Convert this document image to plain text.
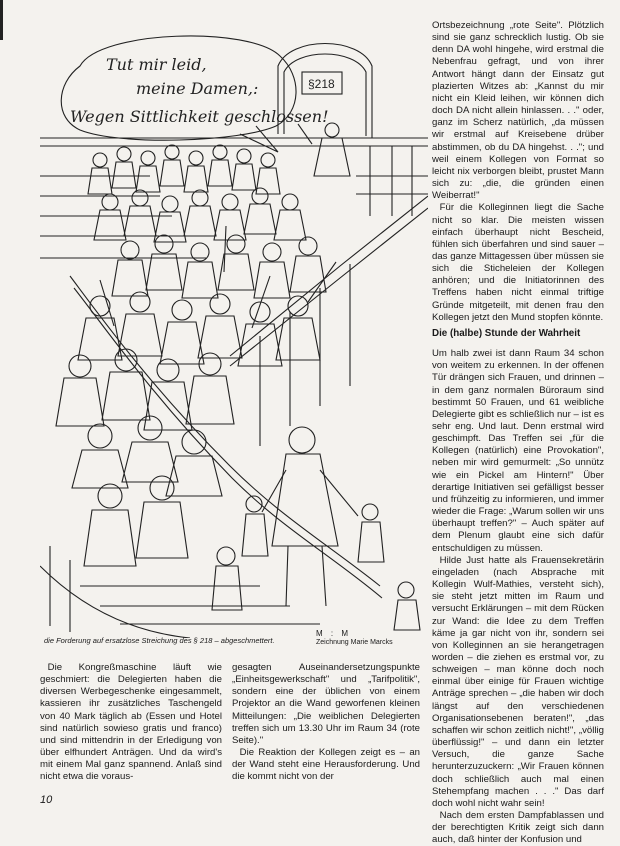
Tut mir leid,
meine Damen,:
Wegen Sittlichkeit geschlossen!
§218
die Forderung auf ersatzlose Streichung des § 218 – abgeschmettert.
M : M
Zeichnung Marie Marcks

Ortsbezeichnung „rote Seite". Plötzlich sind sie ganz schrecklich lustig. Ob sie denn DA wohl hingehe, wird erstmal die Nebenfrau gefragt, und von ihrer Antwort hängt dann der Einsatz gut plazierten Witzes ab: „Kannst du mir nicht ein Kleid leihen, wir können dich doch DA nicht allein hinlassen. . ." oder, ganz im Scherz natürlich, „da müssen wir erstmal auf Kreisebene drüber abstimmen, ob du DA hingehst. . ."; und weil einem Kollegen von Format so leicht nix verborgen bleibt, prustet Mann sich zu: „die, die gründen einen Weiberrat!"

Für die Kolleginnen liegt die Sache nicht so klar. Die meisten wissen einfach überhaupt nicht Bescheid, fühlen sich überfahren und sind sauer – das ganze Mittagessen über müssen sie sich die Sticheleien der Kollegen anhören; und die Initiatorinnen des Treffens haben nicht einmal triftige Gründe mitgeteilt, mit denen frau den Kollegen jetzt den Mund stopfen könnte.

Die (halbe) Stunde der Wahrheit

Um halb zwei ist dann Raum 34 schon von weitem zu erkennen. In der offenen Tür drängen sich Frauen, und drinnen – in dem ganz normalen Büroraum sind bestimmt 50 Frauen, und 61 weibliche Delegierte gibt es schließlich nur – ist es sehr eng. Und laut. Denn erstmal wird geschimpft. Das Treffen sei „für die Kollegen (natürlich) eine Provokation", neben mir wird gemurmelt: „So unnütz wie ein Pickel am Hintern!" Über derartige Initiativen sei gefälligst besser und frühzeitig zu informieren, und immer wieder die Frage: „Warum sollen wir uns überhaupt treffen?" – Auch später auf dem Plenum glaubt eine sich dafür entschuldigen zu müssen.

Hilde Just hatte als Frauensekretärin eingeladen (nach Absprache mit Kollegin Wulf-Mathies, versteht sich), sie steht jetzt mitten im Raum und versucht Erklärungen – mit dem Rücken zur Wand: die Idee zu dem Treffen käme ja gar nicht von ihr, sondern sei von Kolleginnen an sie herangetragen worden – die ziehen es erstmal vor, zu schweigen – man könne doch noch einmal über einige für Frauen wichtige Anträge sprechen – „die haben wir doch längst auf den verschiedenen Organisationsebenen beraten!", „das schaffen wir schon zeitlich nicht!", „völlig überflüssig!" – und dann ein letzter Versuch, die ganze Sache herunterzuzuckern: „Wir Frauen können doch schließlich auch mal einen Stehempfang machen . . ." Das darf doch wohl nicht wahr sein!

Nach dem ersten Dampfablassen und der berechtigten Kritik zeigt sich dann auch, daß hinter der Konfusion und

Die Kongreßmaschine läuft wie geschmiert: die Delegierten haben die diversen Werbegeschenke eingesammelt, kassieren ihr zusätzliches Taschengeld von 40 Mark täglich ab (Essen und Hotel sind natürlich sowieso gratis und franco) und sind mittendrin in der Erledigung von über elfhundert Anträgen. Und da wird's mit einem Mal ganz spannend. Anlaß sind nicht etwa die voraus-

gesagten Auseinandersetzungspunkte „Einheitsgewerkschaft" und „Tarifpolitik", sondern eine der üblichen von einem Projektor an die Wand geworfenen kleinen Mitteilungen: „Die weiblichen Delegierten treffen sich um 13.30 Uhr im Raum 34 (rote Seite)."

Die Reaktion der Kollegen zeigt es – an der Wand steht eine Herausforderung. Und die kommt nicht von der

10
